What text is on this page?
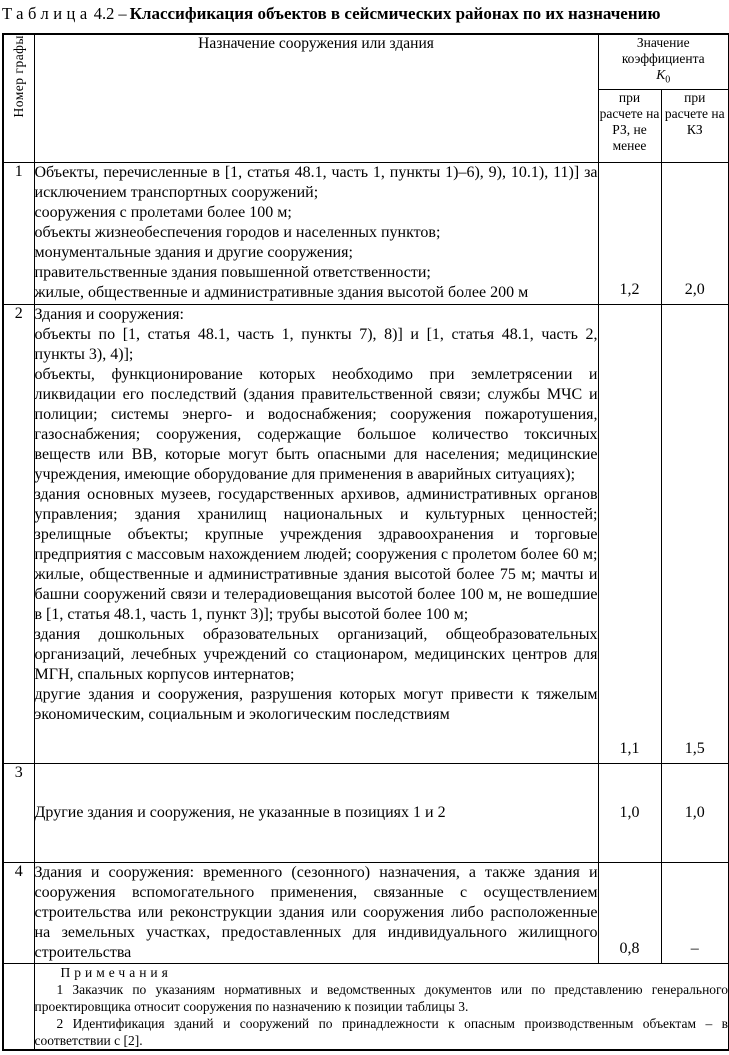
Таблица 4.2 – Классификация объектов в сейсмических районах по их назначению
Номер графы	Назначение сооружения или здания	Значение коэффициента
$К_0$

		при расчете на РЗ, не менее	при расчете на КЗ
1	Объекты, перечисленные в [1, статья 48.1, часть 1, пункты 1)–6), 9), 10.1), 11)] за исключением транспортных сооружений;

сооружения с пролетами более 100 м;

объекты жизнеобеспечения городов и населенных пунктов;

монументальные здания и другие сооружения;

правительственные здания повышенной ответственности;

жилые, общественные и административные здания высотой более 200 м	1,2	2,0
2	Здания и сооружения:

объекты по [1, статья 48.1, часть 1, пункты 7), 8)] и [1, статья 48.1, часть 2, пункты 3), 4)];

объекты, функционирование которых необходимо при землетрясении и ликвидации его последствий (здания правительственной связи; службы МЧС и полиции; системы энерго- и водоснабжения; сооружения пожаротушения, газоснабжения; сооружения, содержащие большое количество токсичных веществ или ВВ, которые могут быть опасными для населения; медицинские учреждения, имеющие оборудование для применения в аварийных ситуациях);

здания основных музеев, государственных архивов, административных органов управления; здания хранилищ национальных и культурных ценностей; зрелищные объекты; крупные учреждения здравоохранения и торговые предприятия с массовым нахождением людей; сооружения с пролетом более 60 м; жилые, общественные и административные здания высотой более 75 м; мачты и башни сооружений связи и телерадиовещания высотой более 100 м, не вошедшие в [1, статья 48.1, часть 1, пункт 3)]; трубы высотой более 100 м;

здания дошкольных образовательных организаций, общеобразовательных организаций, лечебных учреждений со стационаром, медицинских центров для МГН, спальных корпусов интернатов;

другие здания и сооружения, разрушения которых могут привести к тяжелым экономическим, социальным и экологическим последствиям

	1,1	1,5
3	Другие здания и сооружения, не указанные в позициях 1 и 2	1,0	1,0
4	Здания и сооружения: временного (сезонного) назначения, а также здания и сооружения вспомогательного применения, связанные с осуществлением строительства или реконструкции здания или сооружения либо расположенные на земельных участках, предоставленных для индивидуального жилищного строительства	0,8	–

	Примечания

1 Заказчик по указаниям нормативных и ведомственных документов или по представлению генерального проектировщика относит сооружения по назначению к позиции таблицы 3.

2 Идентификация зданий и сооружений по принадлежности к опасным производственным объектам – в соответствии с [2].		
